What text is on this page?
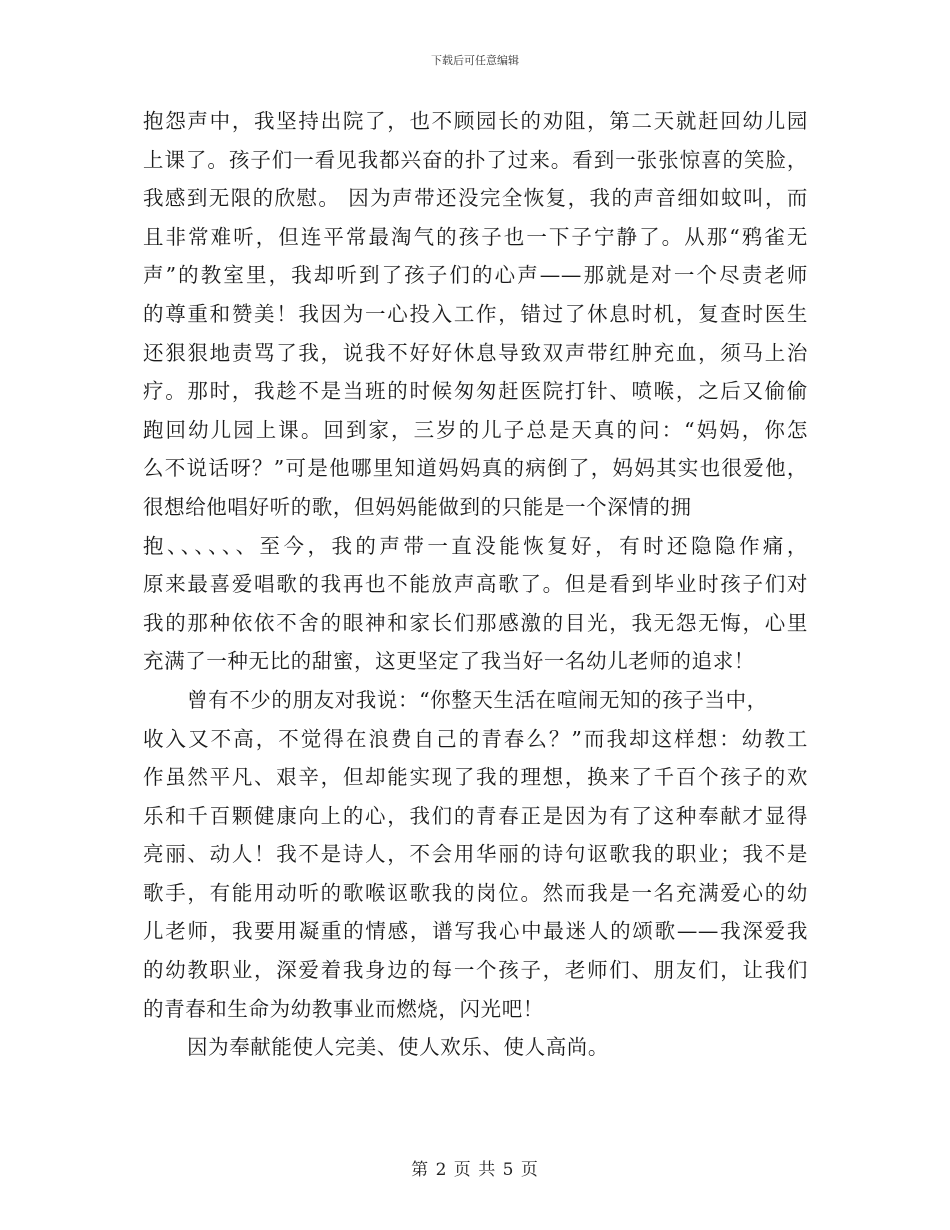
下载后可任意编辑
抱怨声中，我坚持出院了，也不顾园长的劝阻，第二天就赶回幼儿园
上课了。孩子们一看见我都兴奋的扑了过来。看到一张张惊喜的笑脸，
我感到无限的欣慰。 因为声带还没完全恢复，我的声音细如蚊叫，而
且非常难听，但连平常最淘气的孩子也一下子宁静了。从那“鸦雀无
声”的教室里，我却听到了孩子们的心声——那就是对一个尽责老师
的尊重和赞美！我因为一心投入工作，错过了休息时机，复查时医生
还狠狠地责骂了我，说我不好好休息导致双声带红肿充血，须马上治
疗。那时，我趁不是当班的时候匆匆赶医院打针、喷喉，之后又偷偷
跑回幼儿园上课。回到家，三岁的儿子总是天真的问：“妈妈，你怎
么不说话呀？”可是他哪里知道妈妈真的病倒了，妈妈其实也很爱他，
很想给他唱好听的歌，但妈妈能做到的只能是一个深情的拥
抱、、、、、、至今，我的声带一直没能恢复好，有时还隐隐作痛，
原来最喜爱唱歌的我再也不能放声高歌了。但是看到毕业时孩子们对
我的那种依依不舍的眼神和家长们那感激的目光，我无怨无悔，心里
充满了一种无比的甜蜜，这更坚定了我当好一名幼儿老师的追求！
曾有不少的朋友对我说：“你整天生活在喧闹无知的孩子当中，
收入又不高，不觉得在浪费自己的青春么？”而我却这样想：幼教工
作虽然平凡、艰辛，但却能实现了我的理想，换来了千百个孩子的欢
乐和千百颗健康向上的心，我们的青春正是因为有了这种奉献才显得
亮丽、动人！我不是诗人，不会用华丽的诗句讴歌我的职业；我不是
歌手，有能用动听的歌喉讴歌我的岗位。然而我是一名充满爱心的幼
儿老师，我要用凝重的情感，谱写我心中最迷人的颂歌——我深爱我
的幼教职业，深爱着我身边的每一个孩子，老师们、朋友们，让我们
的青春和生命为幼教事业而燃烧，闪光吧！
因为奉献能使人完美、使人欢乐、使人高尚。
第 2 页 共 5 页
